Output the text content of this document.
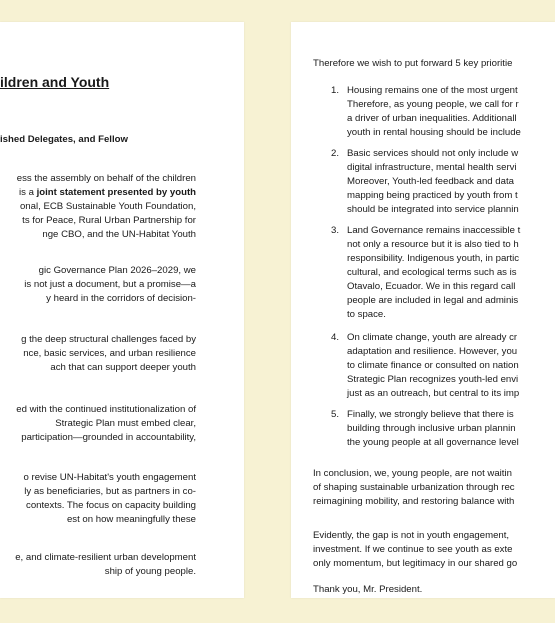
ildren and Youth
ished Delegates, and Fellow
ess the assembly on behalf of the children
is a joint statement presented by youth
onal, ECB Sustainable Youth Foundation,
ts for Peace, Rural Urban Partnership for
nge CBO, and the UN-Habitat Youth
gic Governance Plan 2026–2029, we
is not just a document, but a promise—a
y heard in the corridors of decision-
g the deep structural challenges faced by
nce, basic services, and urban resilience
ach that can support deeper youth
ed with the continued institutionalization of
Strategic Plan must embed clear,
participation—grounded in accountability,
o revise UN-Habitat's youth engagement
ly as beneficiaries, but as partners in co-
contexts. The focus on capacity building
est on how meaningfully these
e, and climate-resilient urban development
ship of young people.
Therefore we wish to put forward 5 key prioritie
1. Housing remains one of the most urgent
Therefore, as young people, we call for r
a driver of urban inequalities. Additionall
youth in rental housing should be include
2. Basic services should not only include w
digital infrastructure, mental health servi
Moreover, Youth-led feedback and data
mapping being practiced by youth from t
should be integrated into service plannin
3. Land Governance remains inaccessible t
not only a resource but it is also tied to h
responsibility. Indigenous youth, in partic
cultural, and ecological terms such as is
Otavalo, Ecuador. We in this regard call
people are included in legal and adminis
to space.
4. On climate change, youth are already cr
adaptation and resilience. However, you
to climate finance or consulted on nation
Strategic Plan recognizes youth-led envi
just as an outreach, but central to its imp
5. Finally, we strongly believe that there is
building through inclusive urban plannin
the young people at all governance level
In conclusion, we, young people, are not waitin
of shaping sustainable urbanization through rec
reimagining mobility, and restoring balance with
Evidently, the gap is not in youth engagement,
investment. If we continue to see youth as exte
only momentum, but legitimacy in our shared go
Thank you, Mr. President.
